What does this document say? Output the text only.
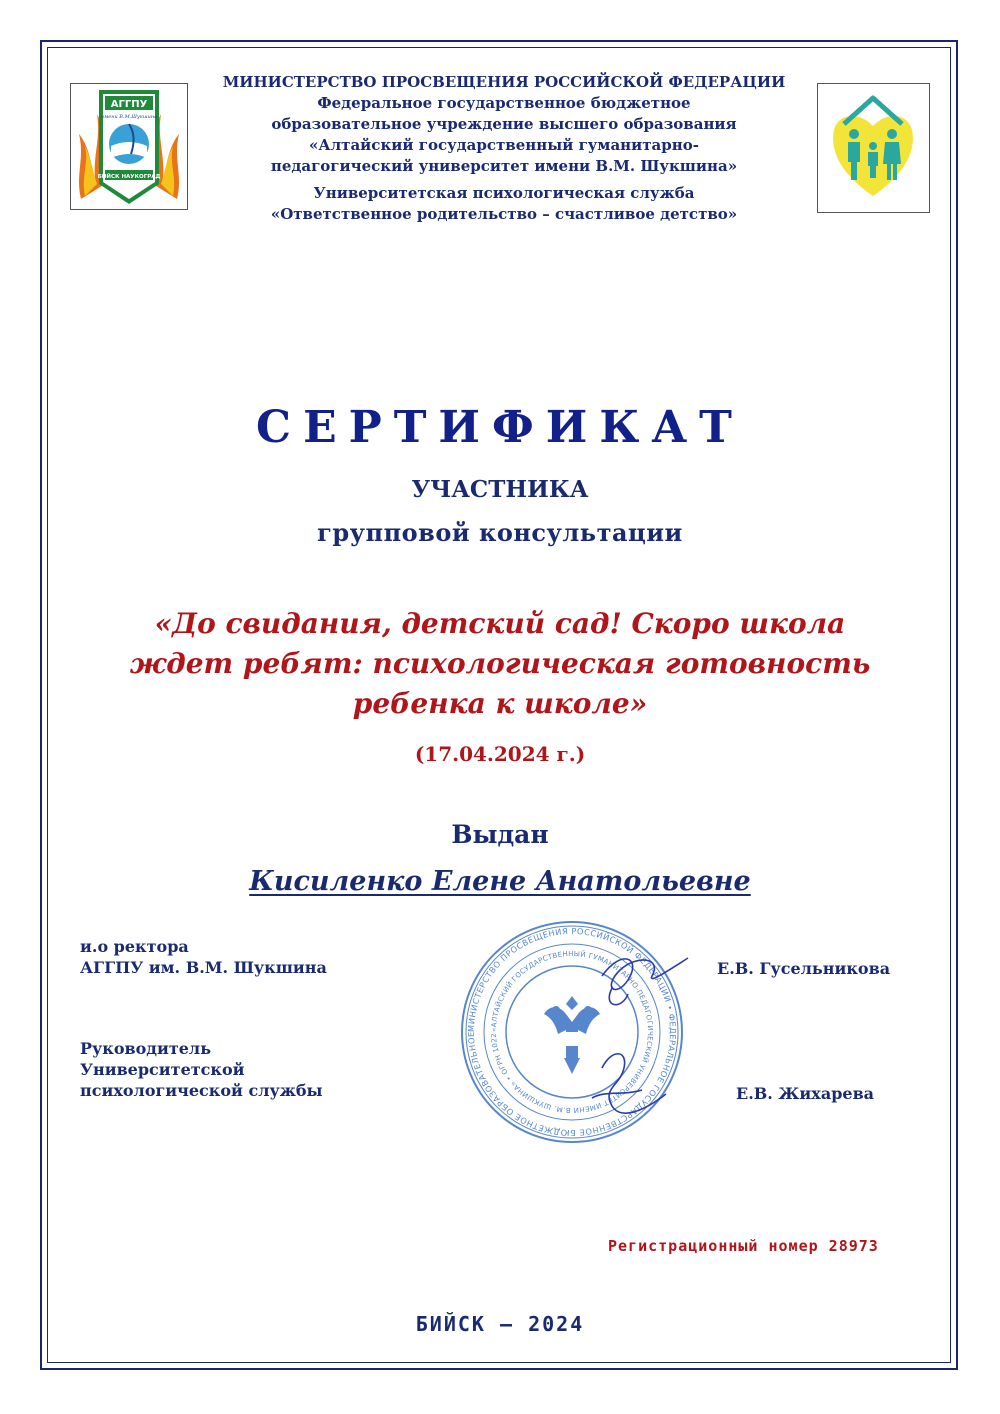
АГГПУ
имени В.М.Шукшина
БИЙСК НАУКОГРАД
МИНИСТЕРСТВО ПРОСВЕЩЕНИЯ РОССИЙСКОЙ ФЕДЕРАЦИИ
Федеральное государственное бюджетное
образовательное учреждение высшего образования
«Алтайский государственный гуманитарно-
педагогический университет имени В.М. Шукшина»
Университетская психологическая служба
«Ответственное родительство – счастливое детство»
СЕРТИФИКАТ
УЧАСТНИКА
групповой консультации
«До свидания, детский сад! Скоро школа
ждет ребят: психологическая готовность
ребенка к школе»
(17.04.2024 г.)
Выдан
Кисиленко Елене Анатольевне
и.о ректора
АГГПУ им. В.М. Шукшина	Е.В. Гусельникова
Руководитель
Университетской
психологической службы	Е.В. Жихарева
МИНИСТЕРСТВО ПРОСВЕЩЕНИЯ РОССИЙСКОЙ ФЕДЕРАЦИИ • ФЕДЕРАЛЬНОЕ ГОСУДАРСТВЕННОЕ БЮДЖЕТНОЕ ОБРАЗОВАТЕЛЬНОЕ
«АЛТАЙСКИЙ ГОСУДАРСТВЕННЫЙ ГУМАНИТАРНО-ПЕДАГОГИЧЕСКИЙ УНИВЕРСИТЕТ ИМЕНИ В.М. ШУКШИНА» • ОГРН 1022
Регистрационный номер 28973
БИЙСК – 2024
